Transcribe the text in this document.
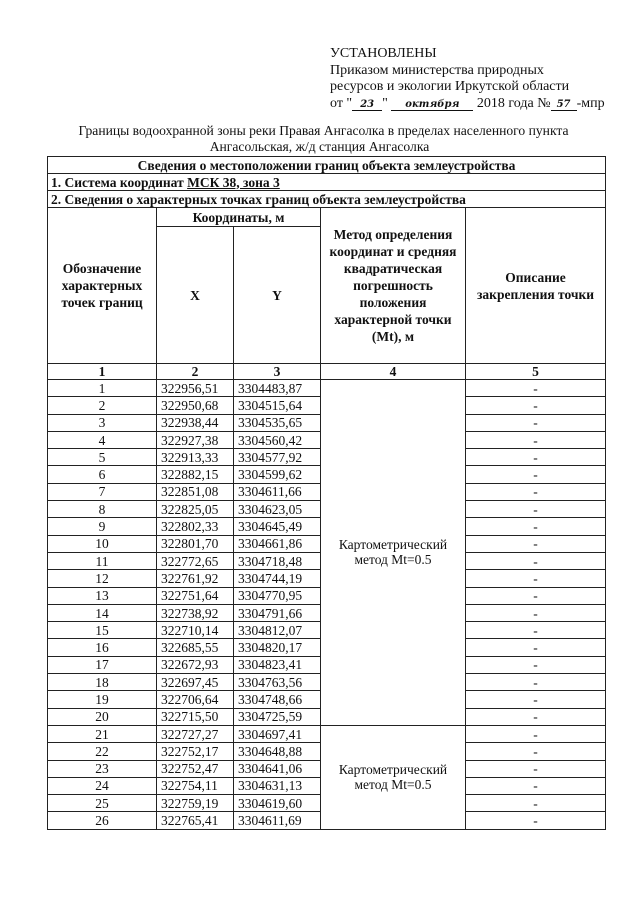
УСТАНОВЛЕНЫ
Приказом министерства природных
ресурсов и экологии Иркутской области
от " 23 " октября 2018 года № 57 -мпр
Границы водоохранной зоны реки Правая Ангасолка в пределах населенного пункта
Ангасольская, ж/д станция Ангасолка
Сведения о местоположении границ объекта землеустройства				
1. Система координат МСК 38, зона 3				
2. Сведения о характерных точках границ объекта землеустройства				
Обозначение характерных точек границ	Координаты, м		Метод определения координат и средняя квадратическая погрешность положения характерной точки (Mt), м	Описание закрепления точки
	X	Y		
1	2	3	4	5
1	322956,51	3304483,87	Картометрический метод Mt=0.5	-
2	322950,68	3304515,64		-
3	322938,44	3304535,65		-
4	322927,38	3304560,42		-
5	322913,33	3304577,92		-
6	322882,15	3304599,62		-
7	322851,08	3304611,66		-
8	322825,05	3304623,05		-
9	322802,33	3304645,49		-
10	322801,70	3304661,86		-
11	322772,65	3304718,48		-
12	322761,92	3304744,19		-
13	322751,64	3304770,95		-
14	322738,92	3304791,66		-
15	322710,14	3304812,07		-
16	322685,55	3304820,17		-
17	322672,93	3304823,41		-
18	322697,45	3304763,56		-
19	322706,64	3304748,66		-
20	322715,50	3304725,59		-
21	322727,27	3304697,41	Картометрический метод Mt=0.5	-
22	322752,17	3304648,88		-
23	322752,47	3304641,06		-
24	322754,11	3304631,13		-
25	322759,19	3304619,60		-
26	322765,41	3304611,69		-
